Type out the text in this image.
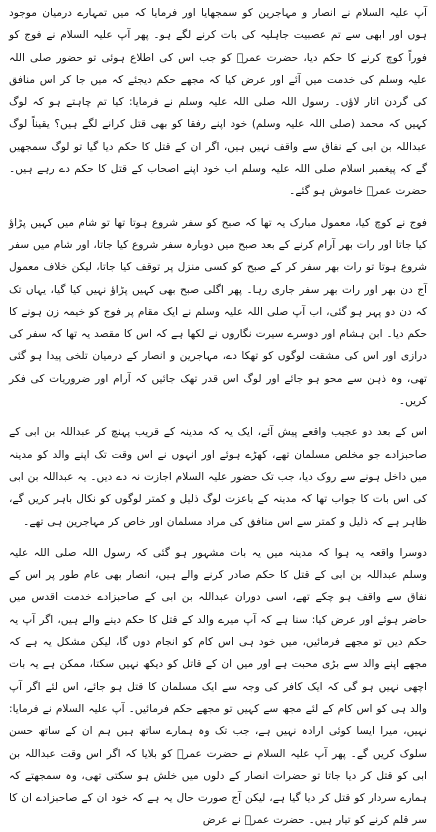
آپ علیہ السلام نے انصار و مہاجرین کو سمجھایا اور فرمایا کہ میں تمہارے درمیان موجود ہوں اور ابھی سے تم عصبیت جاہلیہ کی بات کرنے لگے ہو۔ پھر آپ علیہ السلام نے فوج کو فوراً کوچ کرنے کا حکم دیا، حضرت عمرؓ کو جب اس کی اطلاع ہوئی تو حضور صلی اللہ علیہ وسلم کی خدمت میں آئے اور عرض کیا کہ مجھے حکم دیجئے کہ میں جا کر اس منافق کی گردن اتار لاؤں۔ رسول اللہ صلی اللہ علیہ وسلم نے فرمایا: کیا تم چاہتے ہو کہ لوگ کہیں کہ محمد (صلی اللہ علیہ وسلم) خود اپنے رفقا کو بھی قتل کرانے لگے ہیں؟ یقیناً لوگ عبداللہ بن ابی کے نفاق سے واقف نہیں ہیں، اگر ان کے قتل کا حکم دیا گیا تو لوگ سمجھیں گے کہ پیغمبر اسلام صلی اللہ علیہ وسلم اب خود اپنے اصحاب کے قتل کا حکم دے رہے ہیں۔ حضرت عمرؓ خاموش ہو گئے۔

فوج نے کوچ کیا، معمول مبارک یہ تھا کہ صبح کو سفر شروع ہوتا تھا تو شام میں کہیں پڑاؤ کیا جاتا اور رات بھر آرام کرنے کے بعد صبح میں دوبارہ سفر شروع کیا جاتا، اور شام میں سفر شروع ہوتا تو رات بھر سفر کر کے صبح کو کسی منزل پر توقف کیا جاتا، لیکن خلاف معمول آج دن بھر اور رات بھر سفر جاری رہا۔ پھر اگلی صبح بھی کہیں پڑاؤ نہیں کیا گیا، یہاں تک کہ دن دو پہر ہو گئی، اب آپ صلی اللہ علیہ وسلم نے ایک مقام پر فوج کو خیمہ زن ہونے کا حکم دیا۔ ابن ہشام اور دوسرے سیرت نگاروں نے لکھا ہے کہ اس کا مقصد یہ تھا کہ سفر کی درازی اور اس کی مشقت لوگوں کو تھکا دے، مہاجرین و انصار کے درمیان تلخی پیدا ہو گئی تھی، وہ ذہن سے محو ہو جائے اور لوگ اس قدر تھک جائیں کہ آرام اور ضروریات کی فکر کریں۔

اس کے بعد دو عجیب واقعے پیش آئے، ایک یہ کہ مدینہ کے قریب پہنچ کر عبداللہ بن ابی کے صاحبزادے جو مخلص مسلمان تھے، کھڑے ہوئے اور انہوں نے اس وقت تک اپنے والد کو مدینہ میں داخل ہونے سے روک دیا، جب تک حضور علیہ السلام اجازت نہ دے دیں۔ یہ عبداللہ بن ابی کی اس بات کا جواب تھا کہ مدینہ کے باعزت لوگ ذلیل و کمتر لوگوں کو نکال باہر کریں گے، ظاہر ہے کہ ذلیل و کمتر سے اس منافق کی مراد مسلمان اور خاص کر مہاجرین ہی تھے۔

دوسرا واقعہ یہ ہوا کہ مدینہ میں یہ بات مشہور ہو گئی کہ رسول اللہ صلی اللہ علیہ وسلم عبداللہ بن ابی کے قتل کا حکم صادر کرنے والے ہیں، انصار بھی عام طور پر اس کے نفاق سے واقف ہو چکے تھے، اسی دوران عبداللہ بن ابی کے صاحبزادے خدمت اقدس میں حاضر ہوئے اور عرض کیا: سنا ہے کہ آپ میرے والد کے قتل کا حکم دینے والے ہیں، اگر آپ یہ حکم دیں تو مجھے فرمائیں، میں خود ہی اس کام کو انجام دوں گا، لیکن مشکل یہ ہے کہ مجھے اپنے والد سے بڑی محبت ہے اور میں ان کے قاتل کو دیکھ نہیں سکتا، ممکن ہے یہ بات اچھی نہیں ہو گی کہ ایک کافر کی وجہ سے ایک مسلمان کا قتل ہو جائے، اس لئے اگر آپ والد ہی کو اس کام کے لئے مجھ سے کہیں تو مجھے حکم فرمائیں۔ آپ علیہ السلام نے فرمایا: نہیں، میرا ایسا کوئی ارادہ نہیں ہے، جب تک وہ ہمارے ساتھ ہیں ہم ان کے ساتھ حسن سلوک کریں گے۔ پھر آپ علیہ السلام نے حضرت عمرؓ کو بلایا کہ اگر اس وقت عبداللہ بن ابی کو قتل کر دیا جاتا تو حضرات انصار کے دلوں میں خلش ہو سکتی تھی، وہ سمجھتے کہ ہمارے سردار کو قتل کر دیا گیا ہے، لیکن آج صورت حال یہ ہے کہ خود ان کے صاحبزادے ان کا سر قلم کرنے کو تیار ہیں۔ حضرت عمرؓ نے عرض
